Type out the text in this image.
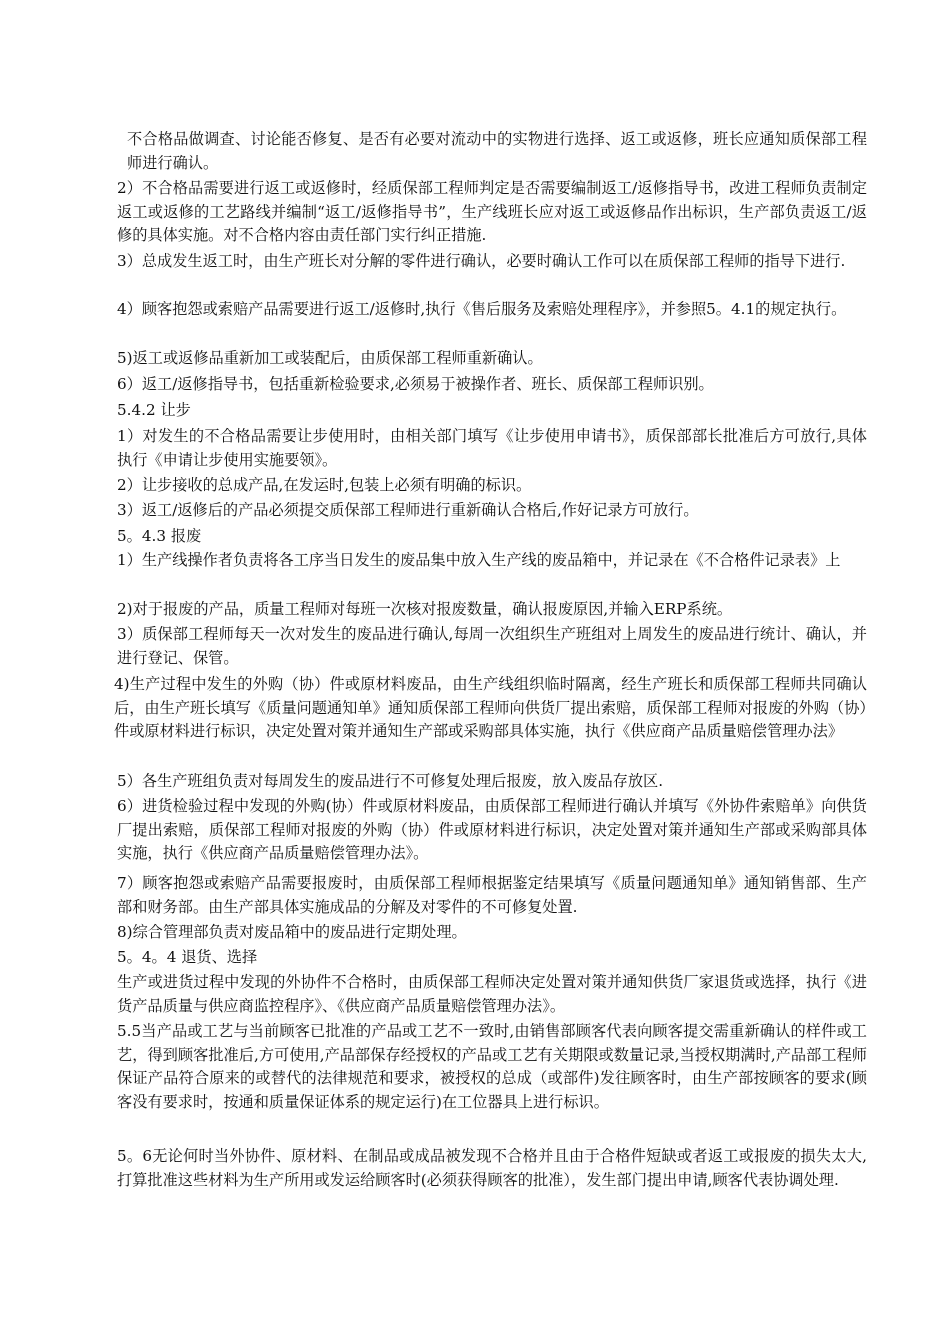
不合格品做调查、讨论能否修复、是否有必要对流动中的实物进行选择、返工或返修，班长应通知质保部工程师进行确认。

2）不合格品需要进行返工或返修时，经质保部工程师判定是否需要编制返工/返修指导书，改进工程师负责制定返工或返修的工艺路线并编制“返工/返修指导书”，生产线班长应对返工或返修品作出标识，生产部负责返工/返修的具体实施。对不合格内容由责任部门实行纠正措施.

3）总成发生返工时，由生产班长对分解的零件进行确认，必要时确认工作可以在质保部工程师的指导下进行.

4）顾客抱怨或索赔产品需要进行返工/返修时,执行《售后服务及索赔处理程序》，并参照5。4.1的规定执行。

5)返工或返修品重新加工或装配后，由质保部工程师重新确认。

6）返工/返修指导书，包括重新检验要求,必须易于被操作者、班长、质保部工程师识别。

5.4.2 让步

1）对发生的不合格品需要让步使用时，由相关部门填写《让步使用申请书》，质保部部长批准后方可放行,具体执行《申请让步使用实施要领》。

2）让步接收的总成产品,在发运时,包装上必须有明确的标识。

3）返工/返修后的产品必须提交质保部工程师进行重新确认合格后,作好记录方可放行。

5。4.3 报废

1）生产线操作者负责将各工序当日发生的废品集中放入生产线的废品箱中，并记录在《不合格件记录表》上

2)对于报废的产品，质量工程师对每班一次核对报废数量，确认报废原因,并输入ERP系统。

3）质保部工程师每天一次对发生的废品进行确认,每周一次组织生产班组对上周发生的废品进行统计、确认，并进行登记、保管。

4)生产过程中发生的外购（协）件或原材料废品，由生产线组织临时隔离，经生产班长和质保部工程师共同确认后，由生产班长填写《质量问题通知单》通知质保部工程师向供货厂提出索赔，质保部工程师对报废的外购（协）件或原材料进行标识，决定处置对策并通知生产部或采购部具体实施，执行《供应商产品质量赔偿管理办法》

5）各生产班组负责对每周发生的废品进行不可修复处理后报废，放入废品存放区.

6）进货检验过程中发现的外购(协）件或原材料废品，由质保部工程师进行确认并填写《外协件索赔单》向供货厂提出索赔，质保部工程师对报废的外购（协）件或原材料进行标识，决定处置对策并通知生产部或采购部具体实施，执行《供应商产品质量赔偿管理办法》。

7）顾客抱怨或索赔产品需要报废时，由质保部工程师根据鉴定结果填写《质量问题通知单》通知销售部、生产部和财务部。由生产部具体实施成品的分解及对零件的不可修复处置.

8)综合管理部负责对废品箱中的废品进行定期处理。

5。4。4 退货、选择

生产或进货过程中发现的外协件不合格时，由质保部工程师决定处置对策并通知供货厂家退货或选择，执行《进货产品质量与供应商监控程序》、《供应商产品质量赔偿管理办法》。

5.5当产品或工艺与当前顾客已批准的产品或工艺不一致时,由销售部顾客代表向顾客提交需重新确认的样件或工艺，得到顾客批准后,方可使用,产品部保存经授权的产品或工艺有关期限或数量记录,当授权期满时,产品部工程师保证产品符合原来的或替代的法律规范和要求，被授权的总成（或部件)发往顾客时，由生产部按顾客的要求(顾客没有要求时，按通和质量保证体系的规定运行)在工位器具上进行标识。

5。6无论何时当外协件、原材料、在制品或成品被发现不合格并且由于合格件短缺或者返工或报废的损失太大,打算批准这些材料为生产所用或发运给顾客时(必须获得顾客的批准），发生部门提出申请,顾客代表协调处理.
